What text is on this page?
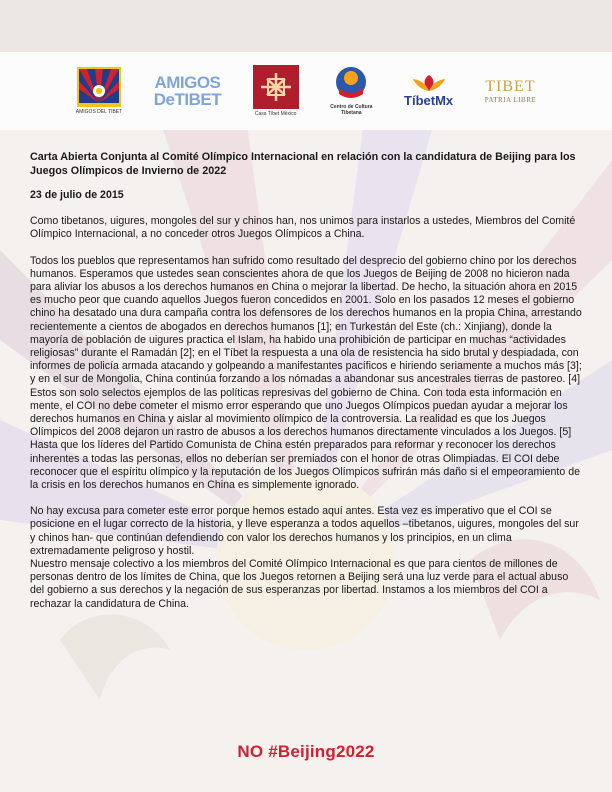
AMIGOS DEL TIBET
AMIGOS
DeTIBET
Casa Tíbet México
Centro de Cultura
Tibetana
TíbetMx
TIBET
PATRIA LIBRE

Carta Abierta Conjunta al Comité Olímpico Internacional en relación con la candidatura de Beijing para los Juegos Olímpicos de Invierno de 2022

23 de julio de 2015

Como tibetanos, uigures, mongoles del sur y chinos han, nos unimos para instarlos a ustedes, Miembros del Comité Olímpico Internacional, a no conceder otros Juegos Olímpicos a China.

Todos los pueblos que representamos han sufrido como resultado del desprecio del gobierno chino por los derechos humanos. Esperamos que ustedes sean conscientes ahora de que los Juegos de Beijing de 2008 no hicieron nada para aliviar los abusos a los derechos humanos en China o mejorar la libertad. De hecho, la situación ahora en 2015 es mucho peor que cuando aquellos Juegos fueron concedidos en 2001. Solo en los pasados 12 meses el gobierno chino ha desatado una dura campaña contra los defensores de los derechos humanos en la propia China, arrestando recientemente a cientos de abogados en derechos humanos [1]; en Turkestán del Este (ch.: Xinjiang), donde la mayoría de población de uigures practica el Islam, ha habido una prohibición de participar en muchas “actividades religiosas” durante el Ramadán [2]; en el Tíbet la respuesta a una ola de resistencia ha sido brutal y despiadada, con informes de policía armada atacando y golpeando a manifestantes pacíficos e hiriendo seriamente a muchos más [3]; y en el sur de Mongolia, China continúa forzando a los nómadas a abandonar sus ancestrales tierras de pastoreo. [4]

Estos son solo selectos ejemplos de las políticas represivas del gobierno de China. Con toda esta información en mente, el COI no debe cometer el mismo error esperando que uno Juegos Olímpicos puedan ayudar a mejorar los derechos humanos en China y aislar al movimiento olímpico de la controversia. La realidad es que los Juegos Olímpicos del 2008 dejaron un rastro de abusos a los derechos humanos directamente vinculados a los Juegos. [5]

Hasta que los líderes del Partido Comunista de China estén preparados para reformar y reconocer los derechos inherentes a todas las personas, ellos no deberían ser premiados con el honor de otras Olimpiadas. El COI debe reconocer que el espíritu olímpico y la reputación de los Juegos Olímpicos sufrirán más daño si el empeoramiento de la crisis en los derechos humanos en China es simplemente ignorado.

No hay excusa para cometer este error porque hemos estado aquí antes. Esta vez es imperativo que el COI se posicione en el lugar correcto de la historia, y lleve esperanza a todos aquellos –tibetanos, uigures, mongoles del sur y chinos han- que continúan defendiendo con valor los derechos humanos y los principios, en un clima extremadamente peligroso y hostil.

Nuestro mensaje colectivo a los miembros del Comité Olímpico Internacional es que para cientos de millones de personas dentro de los límites de China, que los Juegos retornen a Beijing será una luz verde para el actual abuso del gobierno a sus derechos y la negación de sus esperanzas por libertad. Instamos a los miembros del COI a rechazar la candidatura de China.

NO #Beijing2022
